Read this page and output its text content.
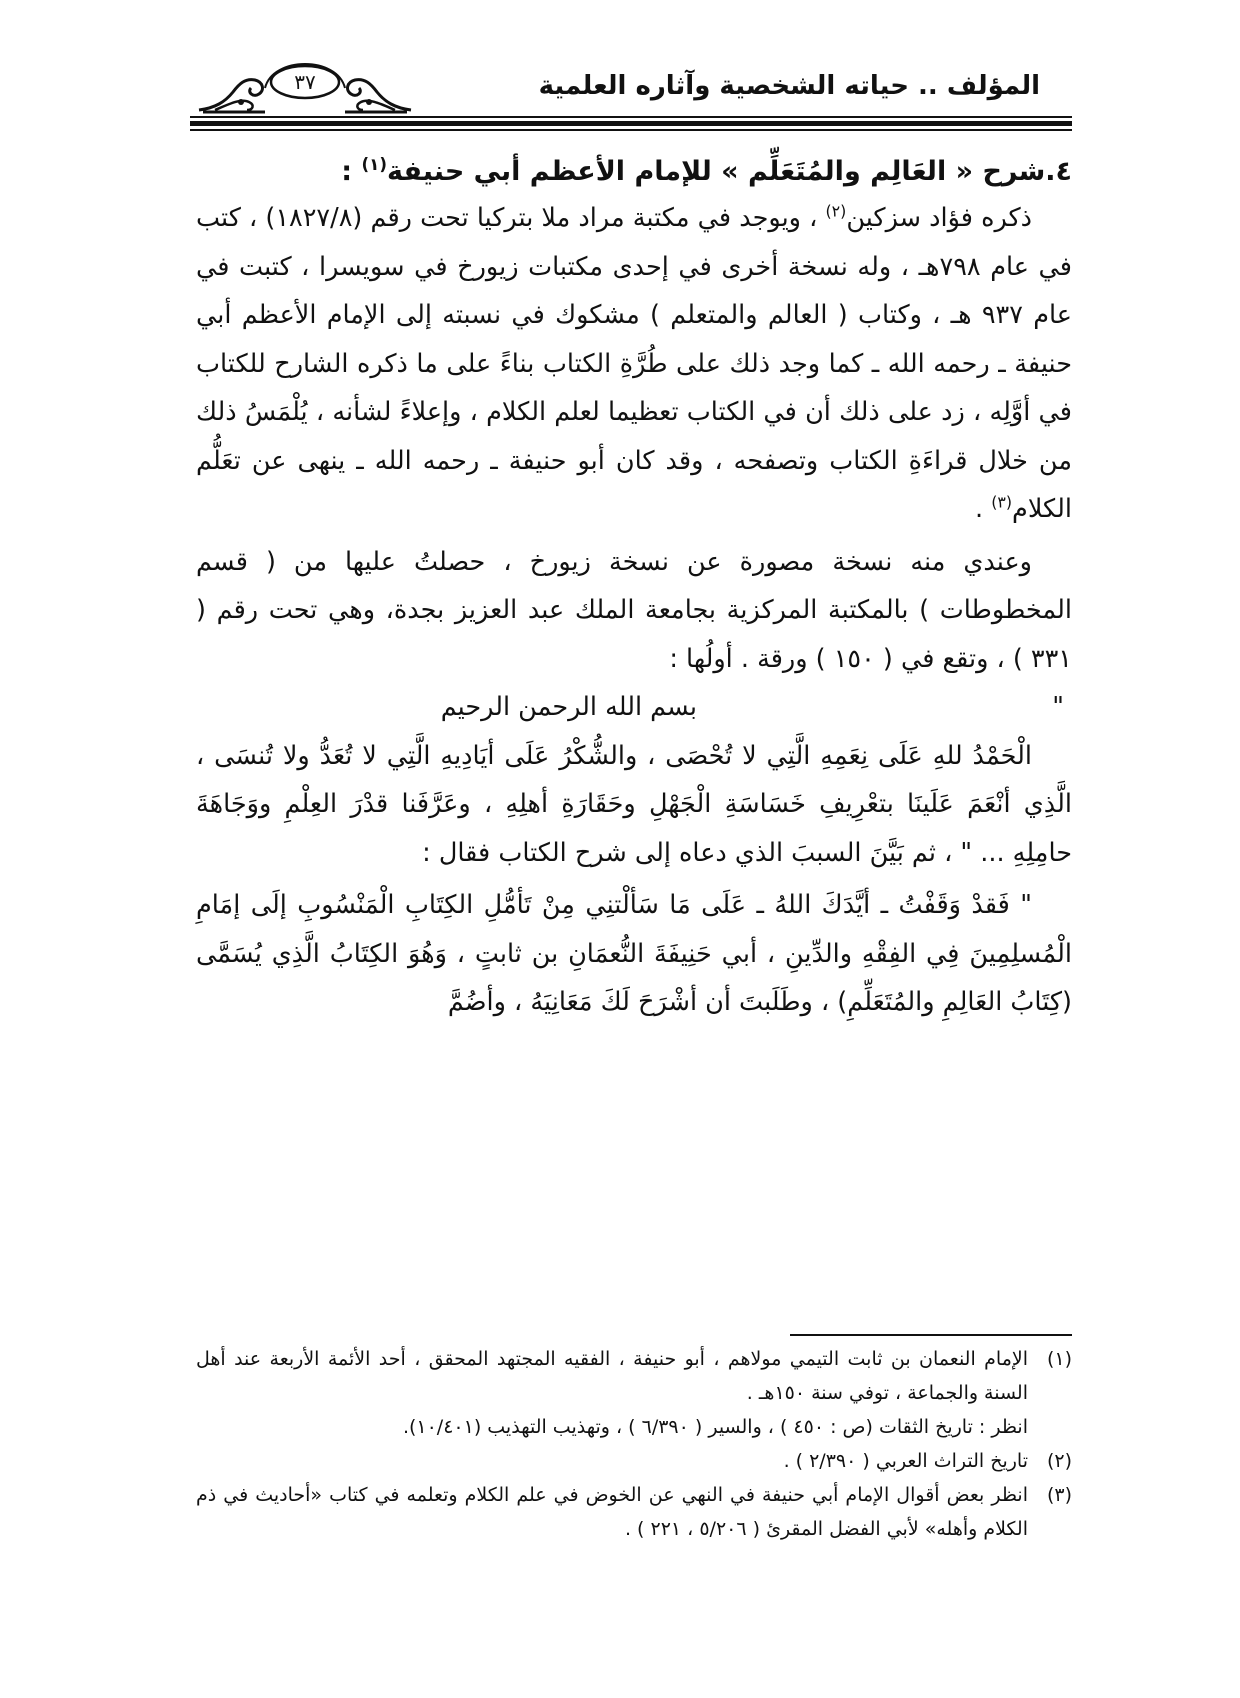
المؤلف .. حياته الشخصية وآثاره العلمية
٣٧

٤.شرح « العَالِم والمُتَعَلِّم » للإمام الأعظم أبي حنيفة$^{(١)}$ :

ذكره فؤاد سزكين$^{(٢)}$ ، ويوجد في مكتبة مراد ملا بتركيا تحت رقم (١٨٢٧/٨) ، كتب في عام ٧٩٨هـ ، وله نسخة أخرى في إحدى مكتبات زيورخ في سويسرا ، كتبت في عام ٩٣٧ هـ ، وكتاب ( العالم والمتعلم ) مشكوك في نسبته إلى الإمام الأعظم أبي حنيفة ـ رحمه الله ـ كما وجد ذلك على طُرَّةِ الكتاب بناءً على ما ذكره الشارح للكتاب في أوَّلِه ، زد على ذلك أن في الكتاب تعظيما لعلم الكلام ، وإعلاءً لشأنه ، يُلْمَسُ ذلك من خلال قراءَةِ الكتاب وتصفحه ، وقد كان أبو حنيفة ـ رحمه الله ـ ينهى عن تعَلُّم الكلام$^{(٣)}$ .

وعندي منه نسخة مصورة عن نسخة زيورخ ، حصلتُ عليها من ( قسم المخطوطات ) بالمكتبة المركزية بجامعة الملك عبد العزيز بجدة، وهي تحت رقم ( ٣٣١ ) ، وتقع في ( ١٥٠ ) ورقة . أولُها :

"
بسم الله الرحمن الرحيم

الْحَمْدُ للهِ عَلَى نِعَمِهِ الَّتِي لا تُحْصَى ، والشُّكْرُ عَلَى أيَادِيهِ الَّتِي لا تُعَدُّ ولا تُنسَى ، الَّذِي أنْعَمَ عَلَينَا بتعْرِيفِ خَسَاسَةِ الْجَهْلِ وحَقَارَةِ أهلِهِ ، وعَرَّفَنا قدْرَ العِلْمِ ووَجَاهَةَ حامِلِهِ ... " ، ثم بَيَّنَ السببَ الذي دعاه إلى شرح الكتاب فقال :

" فَقدْ وَقَفْتُ ـ أيَّدَكَ اللهُ ـ عَلَى مَا سَألْتنِي مِنْ تَأمُّلِ الكِتَابِ الْمَنْسُوبِ إلَى إمَامِ الْمُسلِمِينَ فِي الفِقْهِ والدِّينِ ، أبي حَنِيفَةَ النُّعمَانِ بن ثابتٍ ، وَهُوَ الكِتَابُ الَّذِي يُسَمَّى (كِتَابُ العَالِمِ والمُتَعَلِّمِ) ، وطَلَبتَ أن أشْرَحَ لَكَ مَعَانِيَهُ ، وأضُمَّ

(١)
الإمام النعمان بن ثابت التيمي مولاهم ، أبو حنيفة ، الفقيه المجتهد المحقق ، أحد الأئمة الأربعة عند أهل السنة والجماعة ، توفي سنة ١٥٠هـ .
انظر : تاريخ الثقات (ص : ٤٥٠ ) ، والسير ( ٦/٣٩٠ ) ، وتهذيب التهذيب (١٠/٤٠١).
(٢)
تاريخ التراث العربي ( ٢/٣٩٠ ) .
(٣)
انظر بعض أقوال الإمام أبي حنيفة في النهي عن الخوض في علم الكلام وتعلمه في كتاب «أحاديث في ذم الكلام وأهله» لأبي الفضل المقرئ ( ٥/٢٠٦ ، ٢٢١ ) .
